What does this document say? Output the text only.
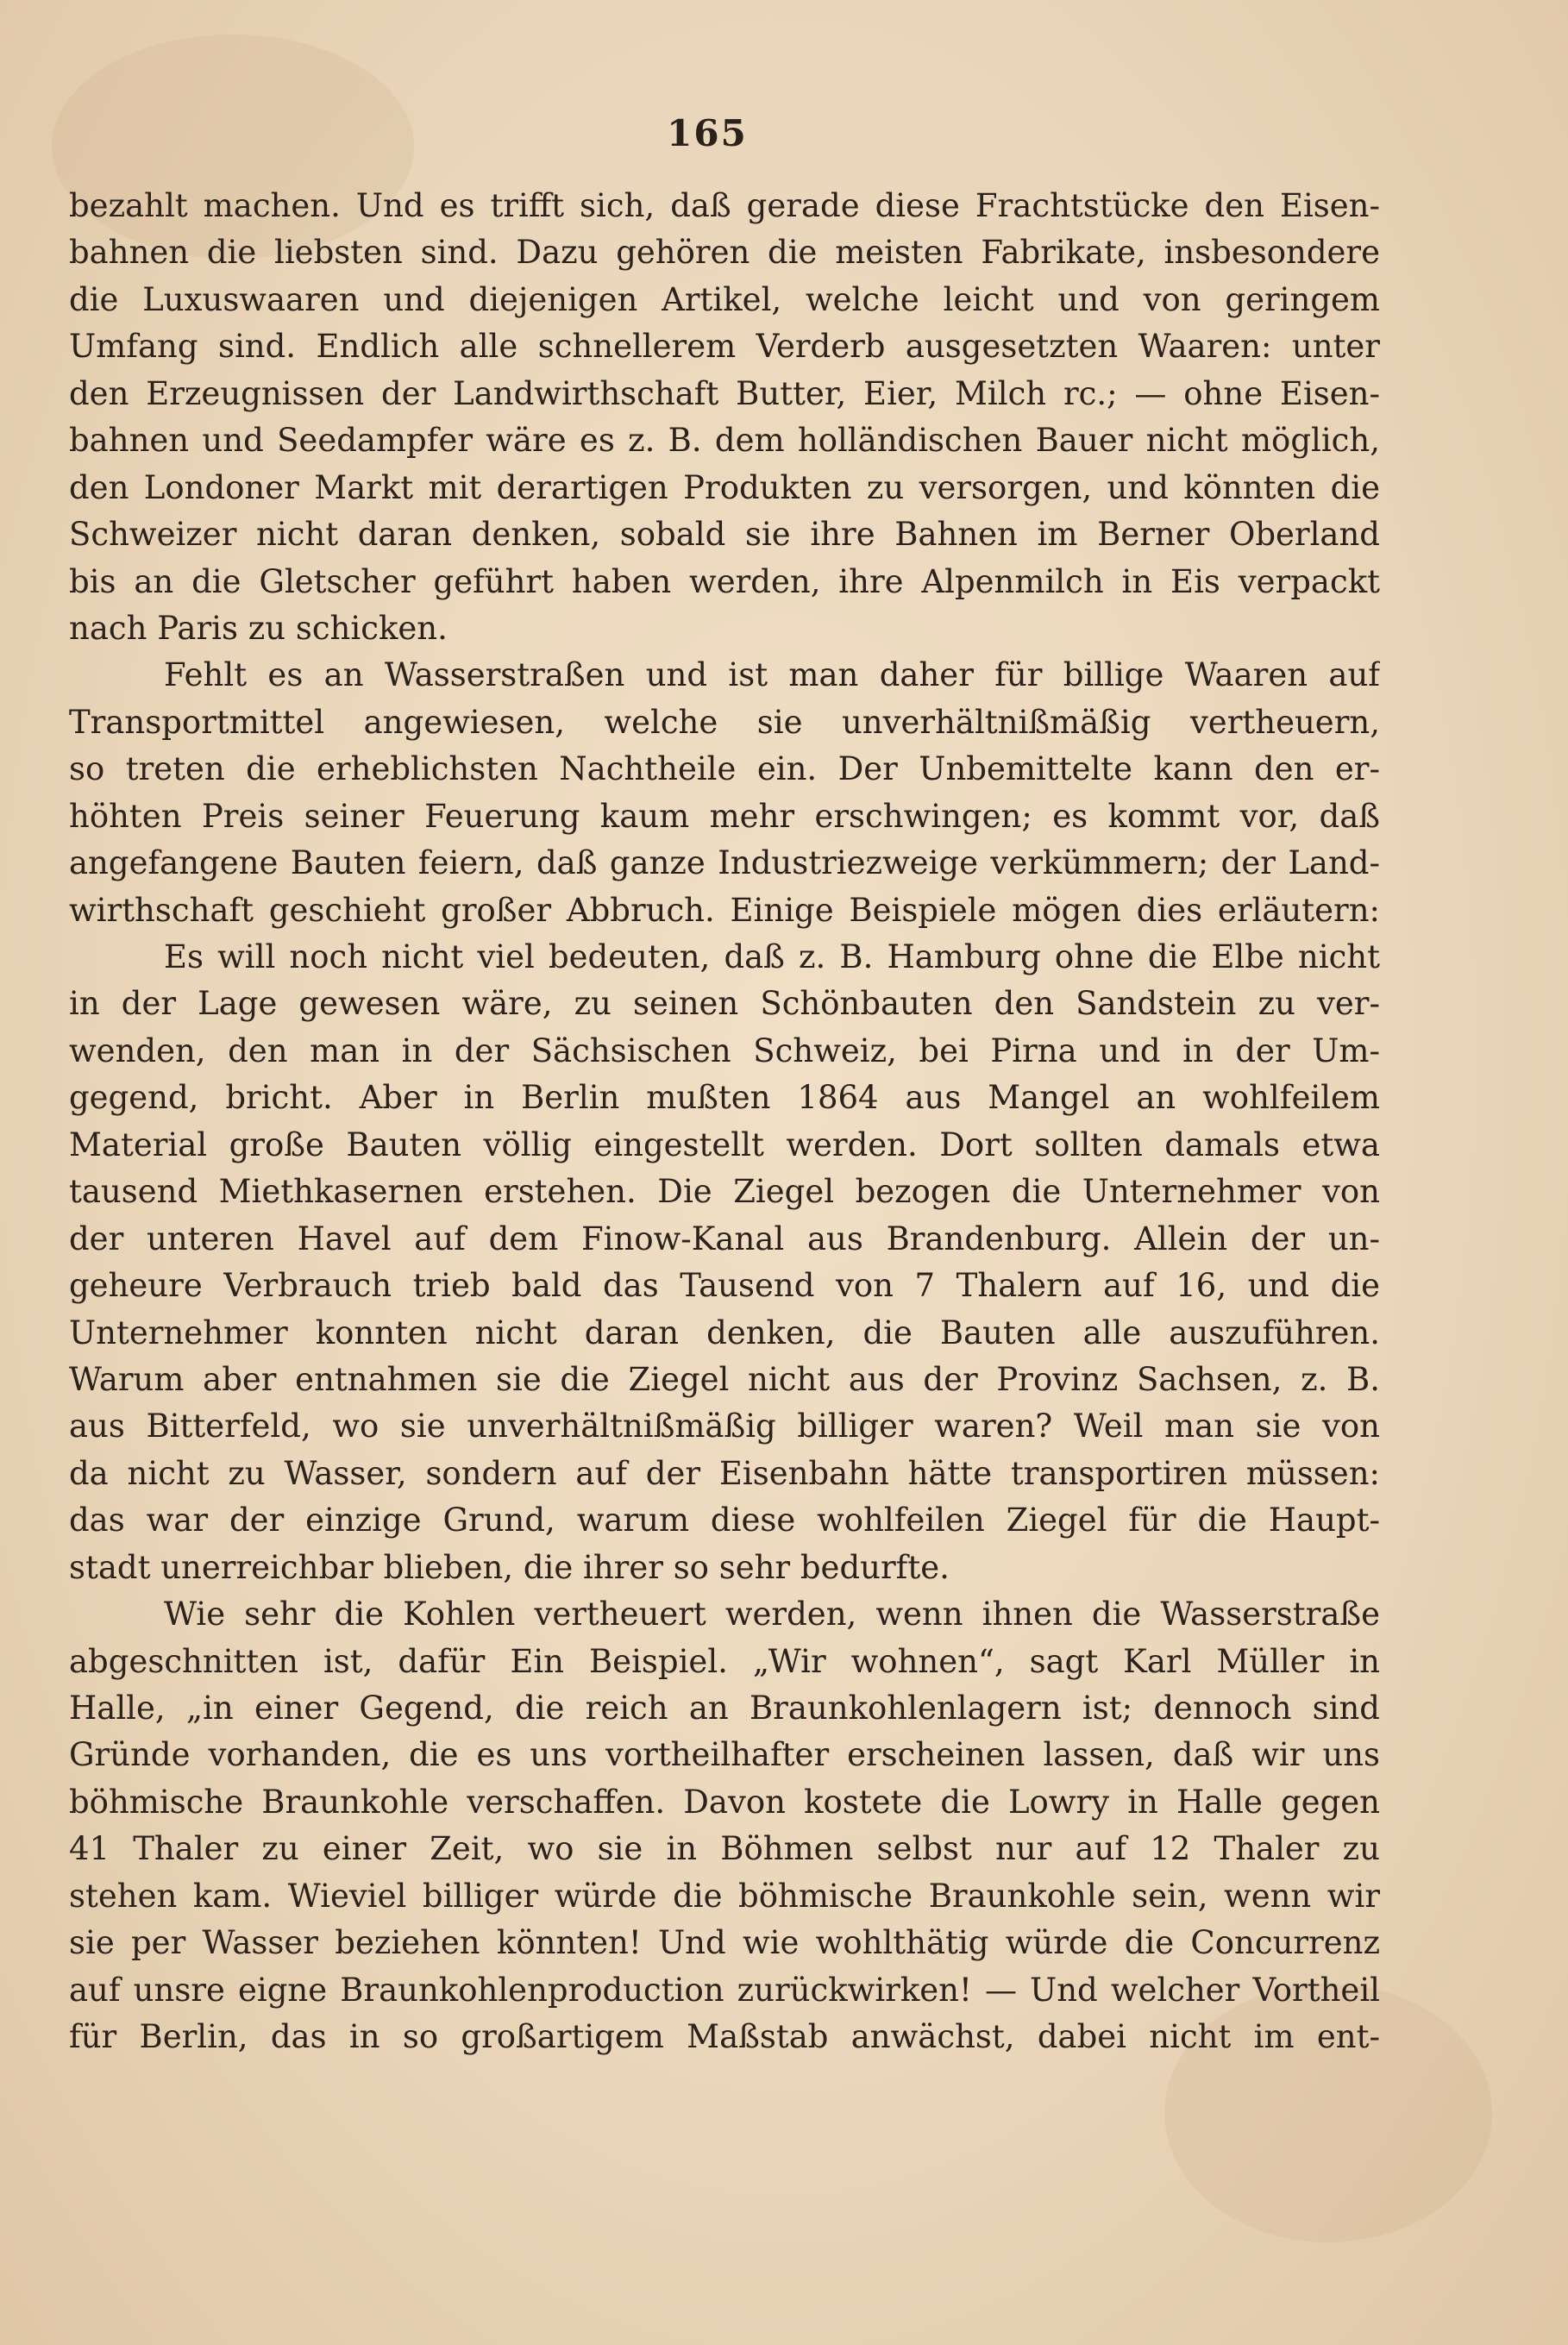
165
bezahlt machen. Und es trifft sich, daß gerade diese Frachtstücke den Eisen-
bahnen die liebsten sind. Dazu gehören die meisten Fabrikate, insbesondere
die Luxuswaaren und diejenigen Artikel, welche leicht und von geringem
Umfang sind. Endlich alle schnellerem Verderb ausgesetzten Waaren: unter
den Erzeugnissen der Landwirthschaft Butter, Eier, Milch rc.; — ohne Eisen-
bahnen und Seedampfer wäre es z. B. dem holländischen Bauer nicht möglich,
den Londoner Markt mit derartigen Produkten zu versorgen, und könnten die
Schweizer nicht daran denken, sobald sie ihre Bahnen im Berner Oberland
bis an die Gletscher geführt haben werden, ihre Alpenmilch in Eis verpackt
nach Paris zu schicken.
Fehlt es an Wasserstraßen und ist man daher für billige Waaren auf
Transportmittel angewiesen, welche sie unverhältnißmäßig vertheuern,
so treten die erheblichsten Nachtheile ein. Der Unbemittelte kann den er-
höhten Preis seiner Feuerung kaum mehr erschwingen; es kommt vor, daß
angefangene Bauten feiern, daß ganze Industriezweige verkümmern; der Land-
wirthschaft geschieht großer Abbruch. Einige Beispiele mögen dies erläutern:
Es will noch nicht viel bedeuten, daß z. B. Hamburg ohne die Elbe nicht
in der Lage gewesen wäre, zu seinen Schönbauten den Sandstein zu ver-
wenden, den man in der Sächsischen Schweiz, bei Pirna und in der Um-
gegend, bricht. Aber in Berlin mußten 1864 aus Mangel an wohlfeilem
Material große Bauten völlig eingestellt werden. Dort sollten damals etwa
tausend Miethkasernen erstehen. Die Ziegel bezogen die Unternehmer von
der unteren Havel auf dem Finow-Kanal aus Brandenburg. Allein der un-
geheure Verbrauch trieb bald das Tausend von 7 Thalern auf 16, und die
Unternehmer konnten nicht daran denken, die Bauten alle auszuführen.
Warum aber entnahmen sie die Ziegel nicht aus der Provinz Sachsen, z. B.
aus Bitterfeld, wo sie unverhältnißmäßig billiger waren? Weil man sie von
da nicht zu Wasser, sondern auf der Eisenbahn hätte transportiren müssen:
das war der einzige Grund, warum diese wohlfeilen Ziegel für die Haupt-
stadt unerreichbar blieben, die ihrer so sehr bedurfte.
Wie sehr die Kohlen vertheuert werden, wenn ihnen die Wasserstraße
abgeschnitten ist, dafür Ein Beispiel. „Wir wohnen“, sagt Karl Müller in
Halle, „in einer Gegend, die reich an Braunkohlenlagern ist; dennoch sind
Gründe vorhanden, die es uns vortheilhafter erscheinen lassen, daß wir uns
böhmische Braunkohle verschaffen. Davon kostete die Lowry in Halle gegen
41 Thaler zu einer Zeit, wo sie in Böhmen selbst nur auf 12 Thaler zu
stehen kam. Wieviel billiger würde die böhmische Braunkohle sein, wenn wir
sie per Wasser beziehen könnten! Und wie wohlthätig würde die Concurrenz
auf unsre eigne Braunkohlenproduction zurückwirken! — Und welcher Vortheil
für Berlin, das in so großartigem Maßstab anwächst, dabei nicht im ent-
